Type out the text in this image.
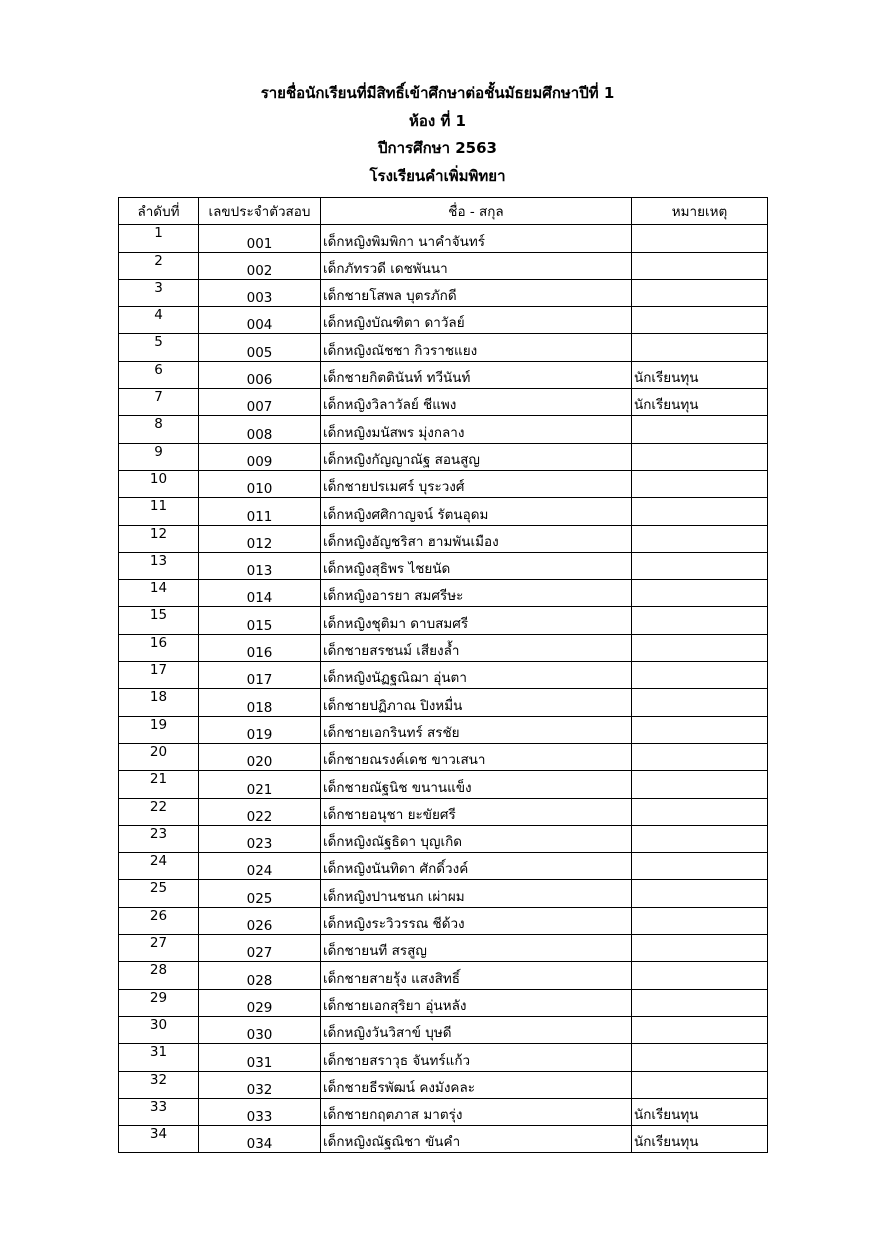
รายชื่อนักเรียนที่มีสิทธิ์เข้าศึกษาต่อชั้นมัธยมศึกษาปีที่ 1
ห้อง ที่ 1
ปีการศึกษา 2563
โรงเรียนคำเพิ่มพิทยา
ลำดับที่	เลขประจำตัวสอบ	ชื่อ - สกุล	หมายเหตุ
1	001	เด็กหญิงพิมพิกา นาคำจันทร์	
2	002	เด็กภัทรวดี เดชพันนา	
3	003	เด็กชายโสพล บุตรภักดี	
4	004	เด็กหญิงบัณฑิตา ดาวัลย์	
5	005	เด็กหญิงณัชชา กิวราชแยง	
6	006	เด็กชายกิตตินันท์ ทวีนันท์	นักเรียนทุน
7	007	เด็กหญิงวิลาวัลย์ ชีแพง	นักเรียนทุน
8	008	เด็กหญิงมนัสพร มุ่งกลาง	
9	009	เด็กหญิงกัญญาณัฐ สอนสูญ	
10	010	เด็กชายปรเมศร์ บุระวงศ์	
11	011	เด็กหญิงศศิกาญจน์ รัตนอุดม	
12	012	เด็กหญิงอัญชริสา ฮามพันเมือง	
13	013	เด็กหญิงสุธิพร ไชยนัด	
14	014	เด็กหญิงอารยา สมศรีษะ	
15	015	เด็กหญิงชุติมา ดาบสมศรี	
16	016	เด็กชายสรชนม์ เสียงล้ำ	
17	017	เด็กหญิงนัฏฐณิฌา อุ่นตา	
18	018	เด็กชายปฏิภาณ ปิงหมื่น	
19	019	เด็กชายเอกรินทร์ สรชัย	
20	020	เด็กชายณรงค์เดช ขาวเสนา	
21	021	เด็กชายณัฐนิช ขนานแข็ง	
22	022	เด็กชายอนุชา ยะขัยศรี	
23	023	เด็กหญิงณัฐธิดา บุญเกิด	
24	024	เด็กหญิงนันทิดา ศักดิ์วงค์	
25	025	เด็กหญิงปานชนก เผ่าผม	
26	026	เด็กหญิงระวิวรรณ ชีด้วง	
27	027	เด็กชายนที สรสูญ	
28	028	เด็กชายสายรุ้ง แสงสิทธิ์	
29	029	เด็กชายเอกสุริยา อุ่นหลัง	
30	030	เด็กหญิงวันวิสาข์ บุษดี	
31	031	เด็กชายสราวุธ จันทร์แก้ว	
32	032	เด็กชายธีรพัฒน์ คงมังคละ	
33	033	เด็กชายกฤตภาส มาตรุ่ง	นักเรียนทุน
34	034	เด็กหญิงณัฐณิชา ขันคำ	นักเรียนทุน
